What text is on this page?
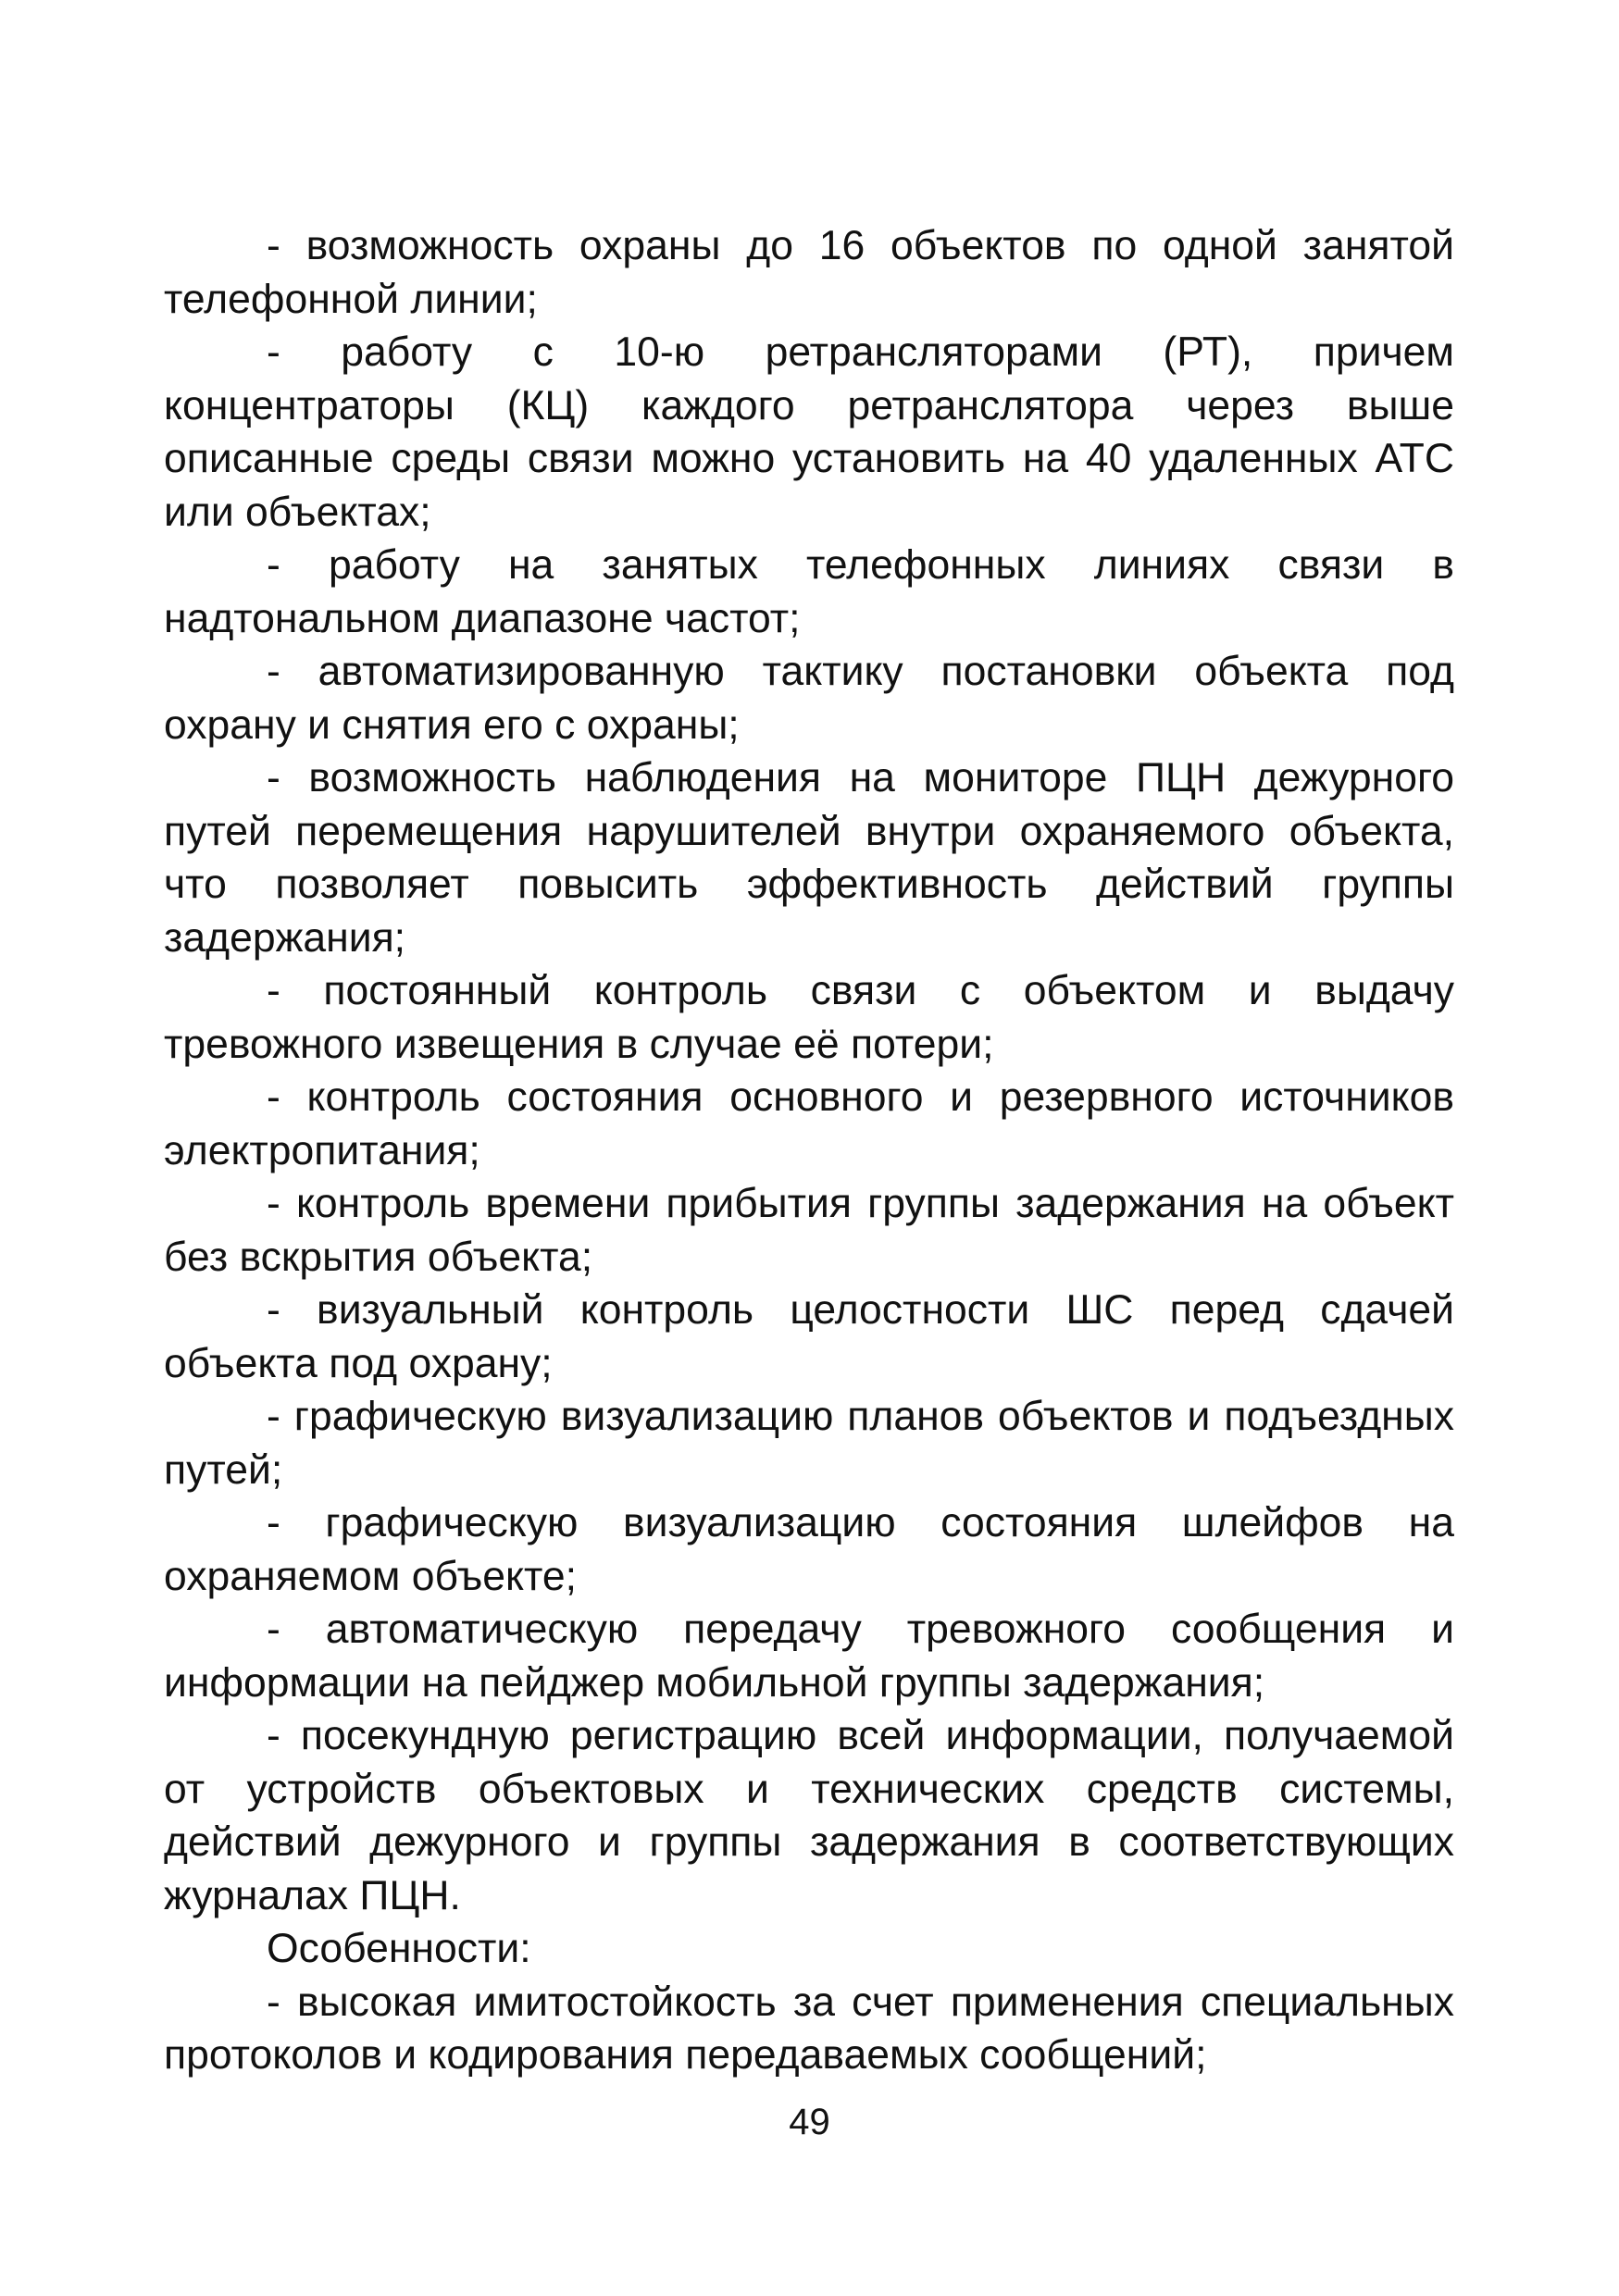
- возможность охраны до 16 объектов по одной занятой телефонной линии;

- работу с 10-ю ретрансляторами (РТ), причем концентраторы (КЦ) каждого ретранслятора через выше описанные среды связи можно установить на 40 удаленных АТС или объектах;

- работу на занятых телефонных линиях связи в надтональном диапазоне частот;

- автоматизированную тактику постановки объекта под охрану и снятия его с охраны;

- возможность наблюдения на мониторе ПЦН дежурного путей перемещения нарушителей внутри охраняемого объекта, что позволяет повысить эффективность действий группы задержания;

- постоянный контроль связи с объектом и выдачу тревожного извещения в случае её потери;

- контроль состояния основного и резервного источников электропитания;

- контроль времени прибытия группы задержания на объект без вскрытия объекта;

- визуальный контроль целостности ШС перед сдачей объекта под охрану;

- графическую визуализацию планов объектов и подъездных путей;

- графическую визуализацию состояния шлейфов на охраняемом объекте;

- автоматическую передачу тревожного сообщения и информации на пейджер мобильной группы задержания;

- посекундную регистрацию всей информации, получаемой от устройств объектовых и технических средств системы, действий дежурного и группы задержания в соответствующих журналах ПЦН.

Особенности:

- высокая имитостойкость за счет применения специальных протоколов и кодирования передаваемых сообщений;

49
